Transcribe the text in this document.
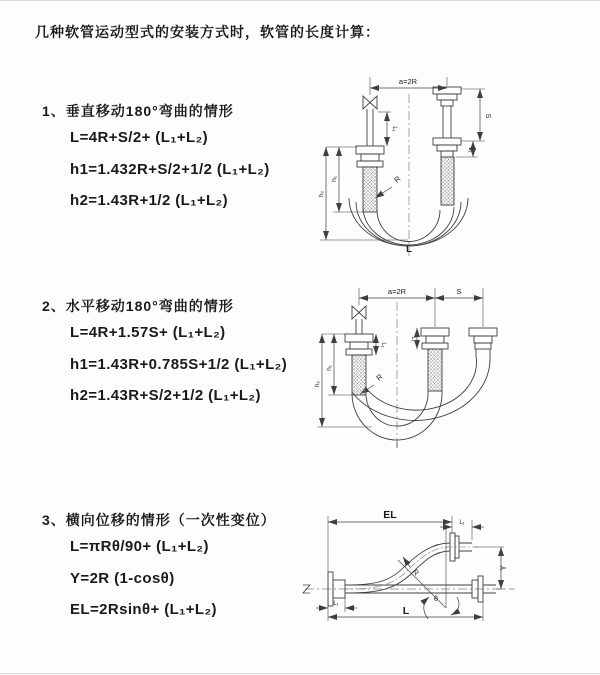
几种软管运动型式的安装方式时，软管的长度计算：
1、垂直移动180°弯曲的情形
L=4R+S/2+ (L₁+L₂)
h1=1.432R+S/2+1/2 (L₁+L₂)
h2=1.43R+1/2 (L₁+L₂)
2、水平移动180°弯曲的情形
L=4R+1.57S+ (L₁+L₂)
h1=1.43R+0.785S+1/2 (L₁+L₂)
h2=1.43R+S/2+1/2 (L₁+L₂)
3、横向位移的情形（一次性变位）
L=πRθ/90+ (L₁+L₂)
Y=2R (1-cosθ)
EL=2Rsinθ+ (L₁+L₂)
a=2R
S
L₁
L₁
h₁
h₂
R
L
a=2R	S
h₁
h₂
L₁
L₁
R
EL
L₁
Y
R
θ
L
L₁
